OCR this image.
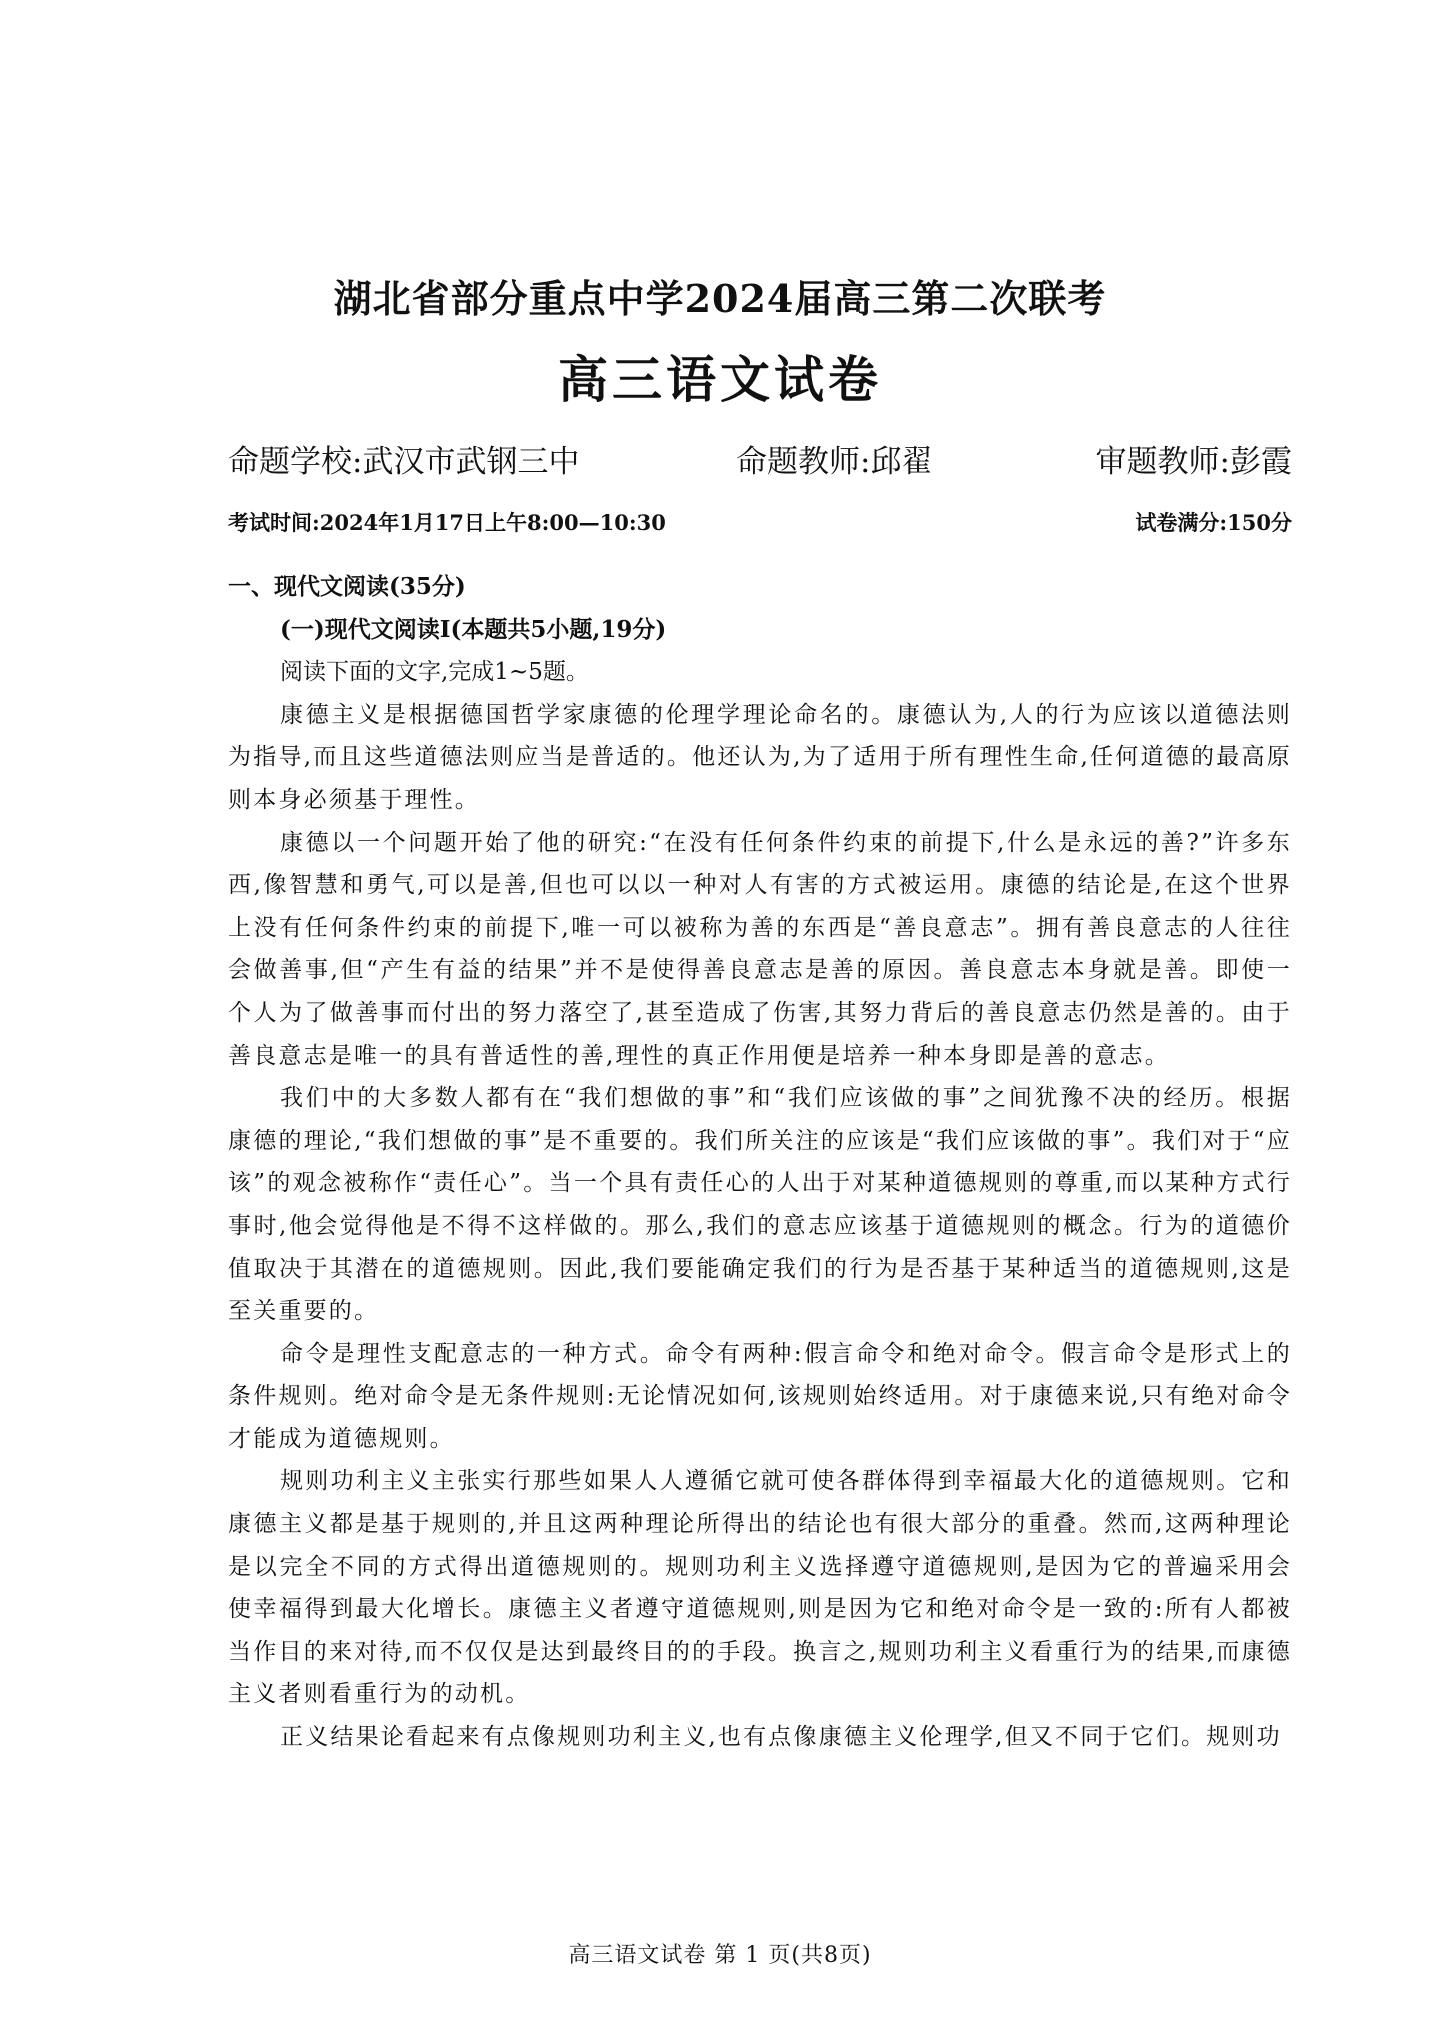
湖北省部分重点中学2024届高三第二次联考
高三语文试卷
命题学校:武汉市武钢三中	命题教师:邱翟	审题教师:彭霞
考试时间:2024年1月17日上午8:00—10:30	试卷满分:150分
一、现代文阅读(35分)
(一)现代文阅读Ⅰ(本题共5小题,19分)
阅读下面的文字,完成1~5题。
康德主义是根据德国哲学家康德的伦理学理论命名的。康德认为,人的行为应该以道德法则为指导,而且这些道德法则应当是普适的。他还认为,为了适用于所有理性生命,任何道德的最高原则本身必须基于理性。
康德以一个问题开始了他的研究:“在没有任何条件约束的前提下,什么是永远的善?”许多东西,像智慧和勇气,可以是善,但也可以以一种对人有害的方式被运用。康德的结论是,在这个世界上没有任何条件约束的前提下,唯一可以被称为善的东西是“善良意志”。拥有善良意志的人往往会做善事,但“产生有益的结果”并不是使得善良意志是善的原因。善良意志本身就是善。即使一个人为了做善事而付出的努力落空了,甚至造成了伤害,其努力背后的善良意志仍然是善的。由于善良意志是唯一的具有普适性的善,理性的真正作用便是培养一种本身即是善的意志。
我们中的大多数人都有在“我们想做的事”和“我们应该做的事”之间犹豫不决的经历。根据康德的理论,“我们想做的事”是不重要的。我们所关注的应该是“我们应该做的事”。我们对于“应该”的观念被称作“责任心”。当一个具有责任心的人出于对某种道德规则的尊重,而以某种方式行事时,他会觉得他是不得不这样做的。那么,我们的意志应该基于道德规则的概念。行为的道德价值取决于其潜在的道德规则。因此,我们要能确定我们的行为是否基于某种适当的道德规则,这是至关重要的。
命令是理性支配意志的一种方式。命令有两种:假言命令和绝对命令。假言命令是形式上的条件规则。绝对命令是无条件规则:无论情况如何,该规则始终适用。对于康德来说,只有绝对命令才能成为道德规则。
规则功利主义主张实行那些如果人人遵循它就可使各群体得到幸福最大化的道德规则。它和康德主义都是基于规则的,并且这两种理论所得出的结论也有很大部分的重叠。然而,这两种理论是以完全不同的方式得出道德规则的。规则功利主义选择遵守道德规则,是因为它的普遍采用会使幸福得到最大化增长。康德主义者遵守道德规则,则是因为它和绝对命令是一致的:所有人都被当作目的来对待,而不仅仅是达到最终目的的手段。换言之,规则功利主义看重行为的结果,而康德主义者则看重行为的动机。
正义结果论看起来有点像规则功利主义,也有点像康德主义伦理学,但又不同于它们。规则功
高三语文试卷 第 1 页(共8页)
